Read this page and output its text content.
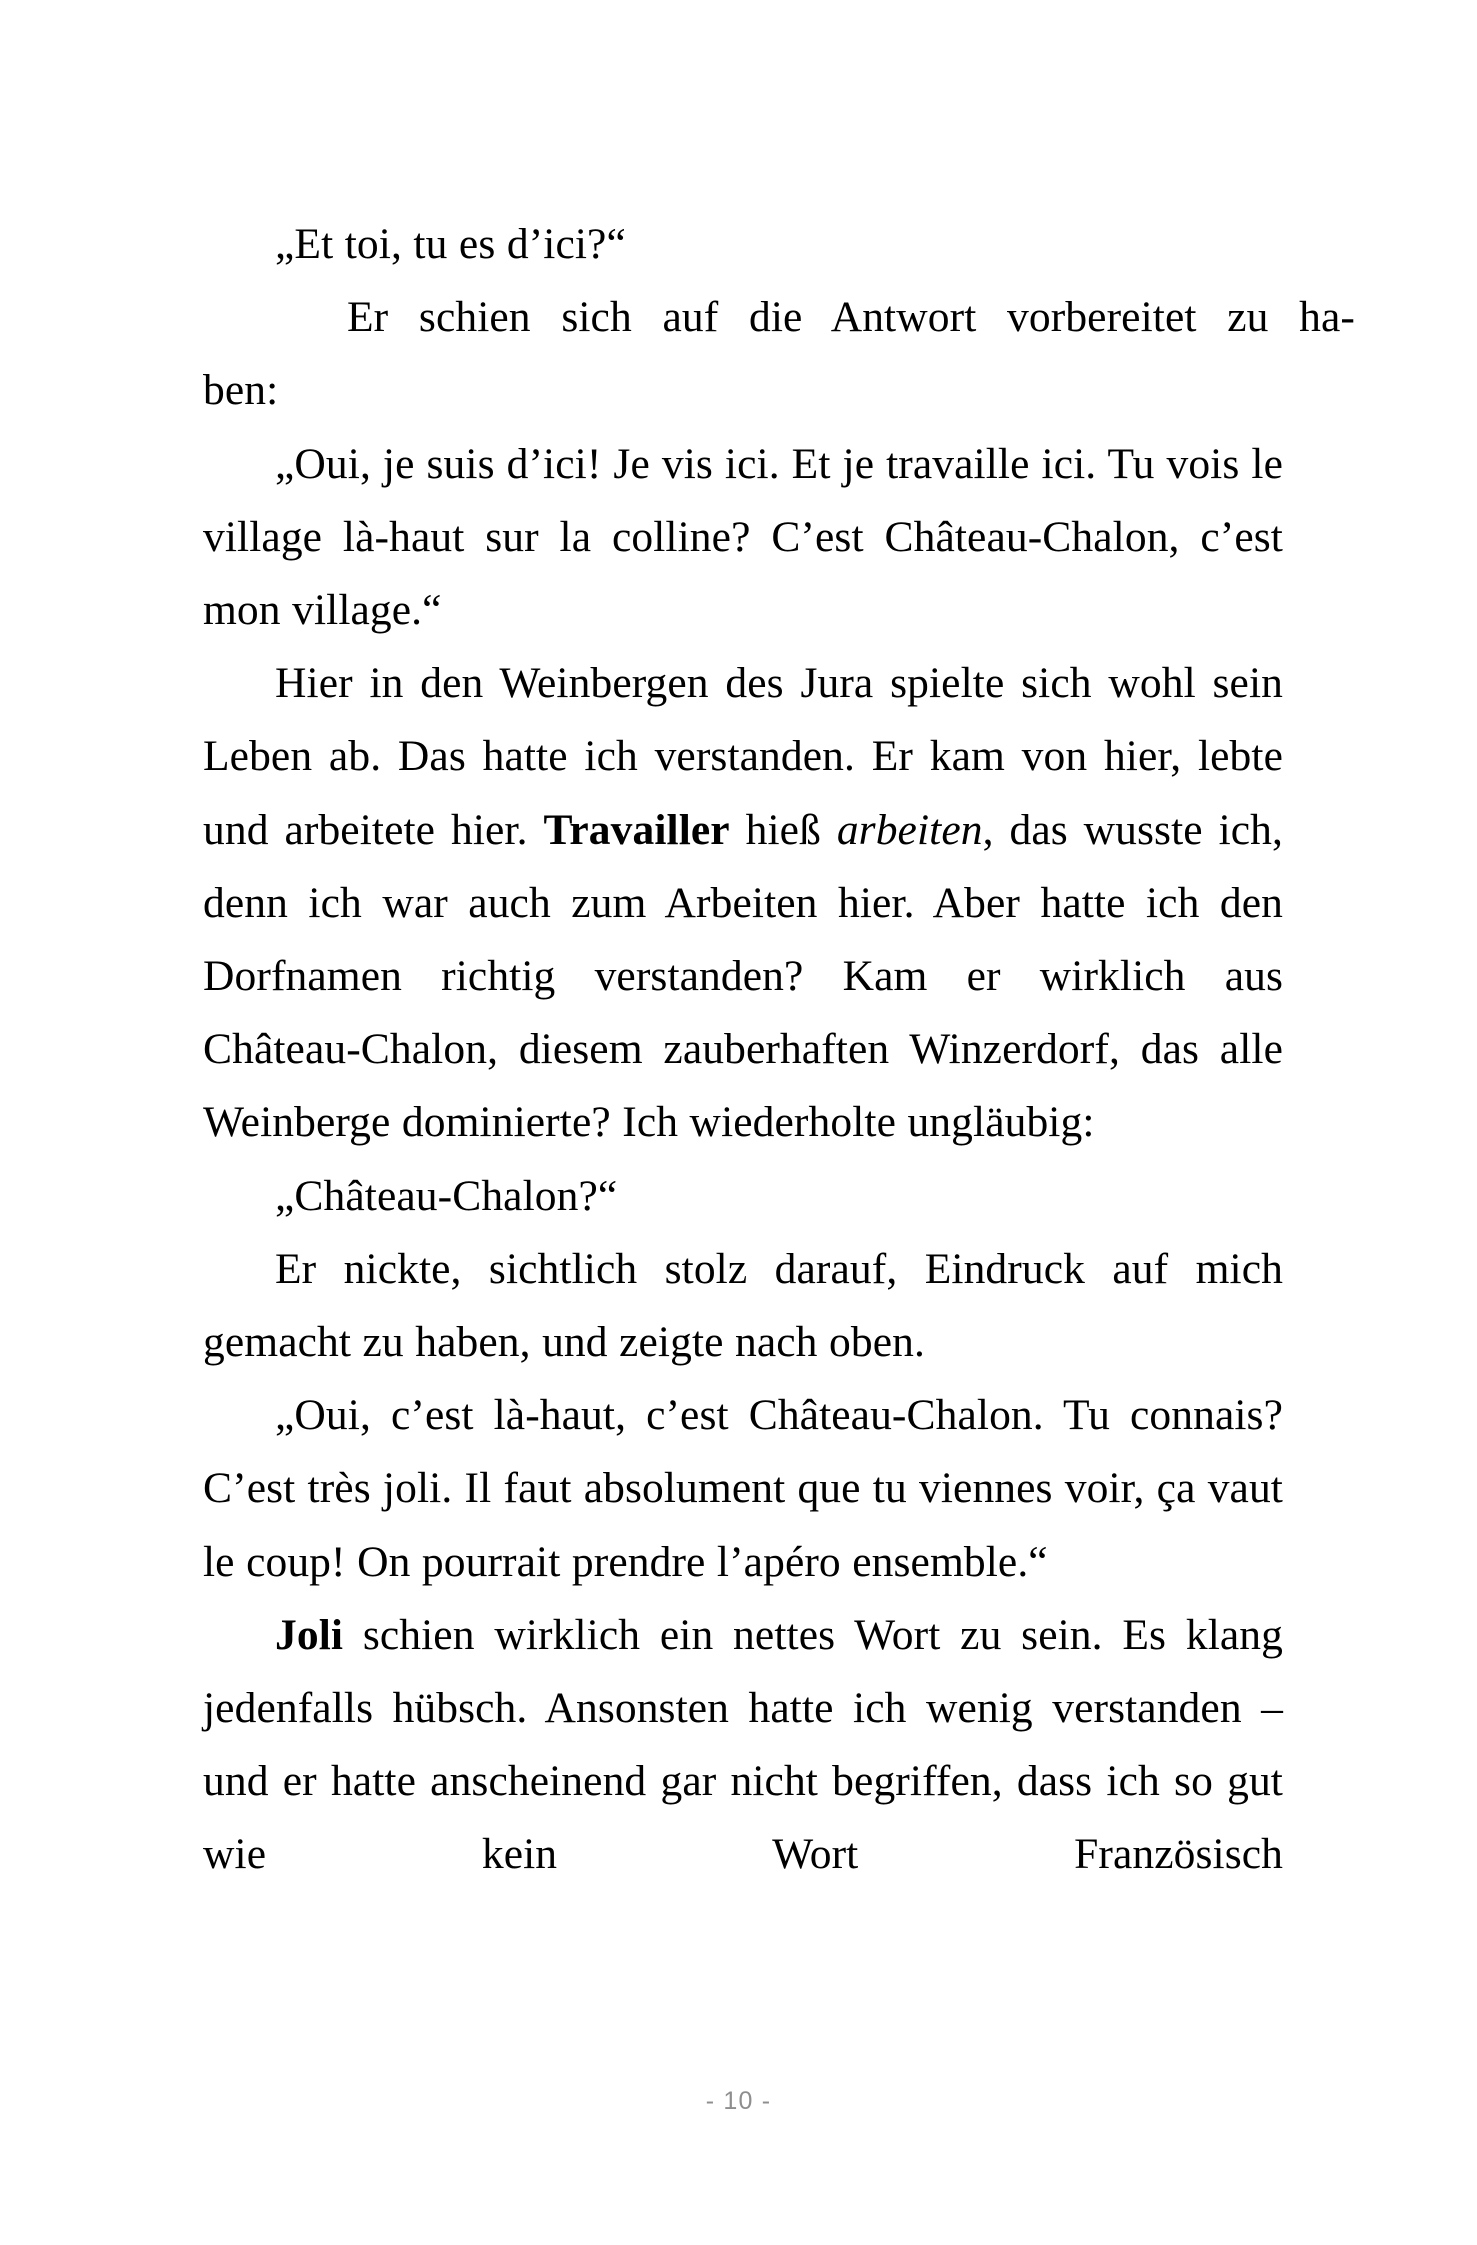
„Et toi, tu es d’ici?“

Er schien sich auf die Antwort vorbereitet zu ha-
ben:

„Oui, je suis d’ici! Je vis ici. Et je travaille ici. Tu vois le village là-haut sur la colline? C’est Château-Chalon, c’est mon village.“

Hier in den Weinbergen des Jura spielte sich wohl sein Leben ab. Das hatte ich verstanden. Er kam von hier, lebte und arbeitete hier. Travailler hieß arbeiten, das wusste ich, denn ich war auch zum Arbeiten hier. Aber hatte ich den Dorfnamen richtig verstanden? Kam er wirklich aus Château-Chalon, diesem zauberhaften Winzerdorf, das alle Weinberge dominierte? Ich wiederholte ungläubig:

„Château-Chalon?“

Er nickte, sichtlich stolz darauf, Eindruck auf mich gemacht zu haben, und zeigte nach oben.

„Oui, c’est là-haut, c’est Château-Chalon. Tu connais? C’est très joli. Il faut absolument que tu viennes voir, ça vaut le coup! On pourrait prendre l’apéro ensemble.“

Joli schien wirklich ein nettes Wort zu sein. Es klang jedenfalls hübsch. Ansonsten hatte ich wenig verstanden – und er hatte anscheinend gar nicht begriffen, dass ich so gut wie kein Wort Französisch

- 10 -
